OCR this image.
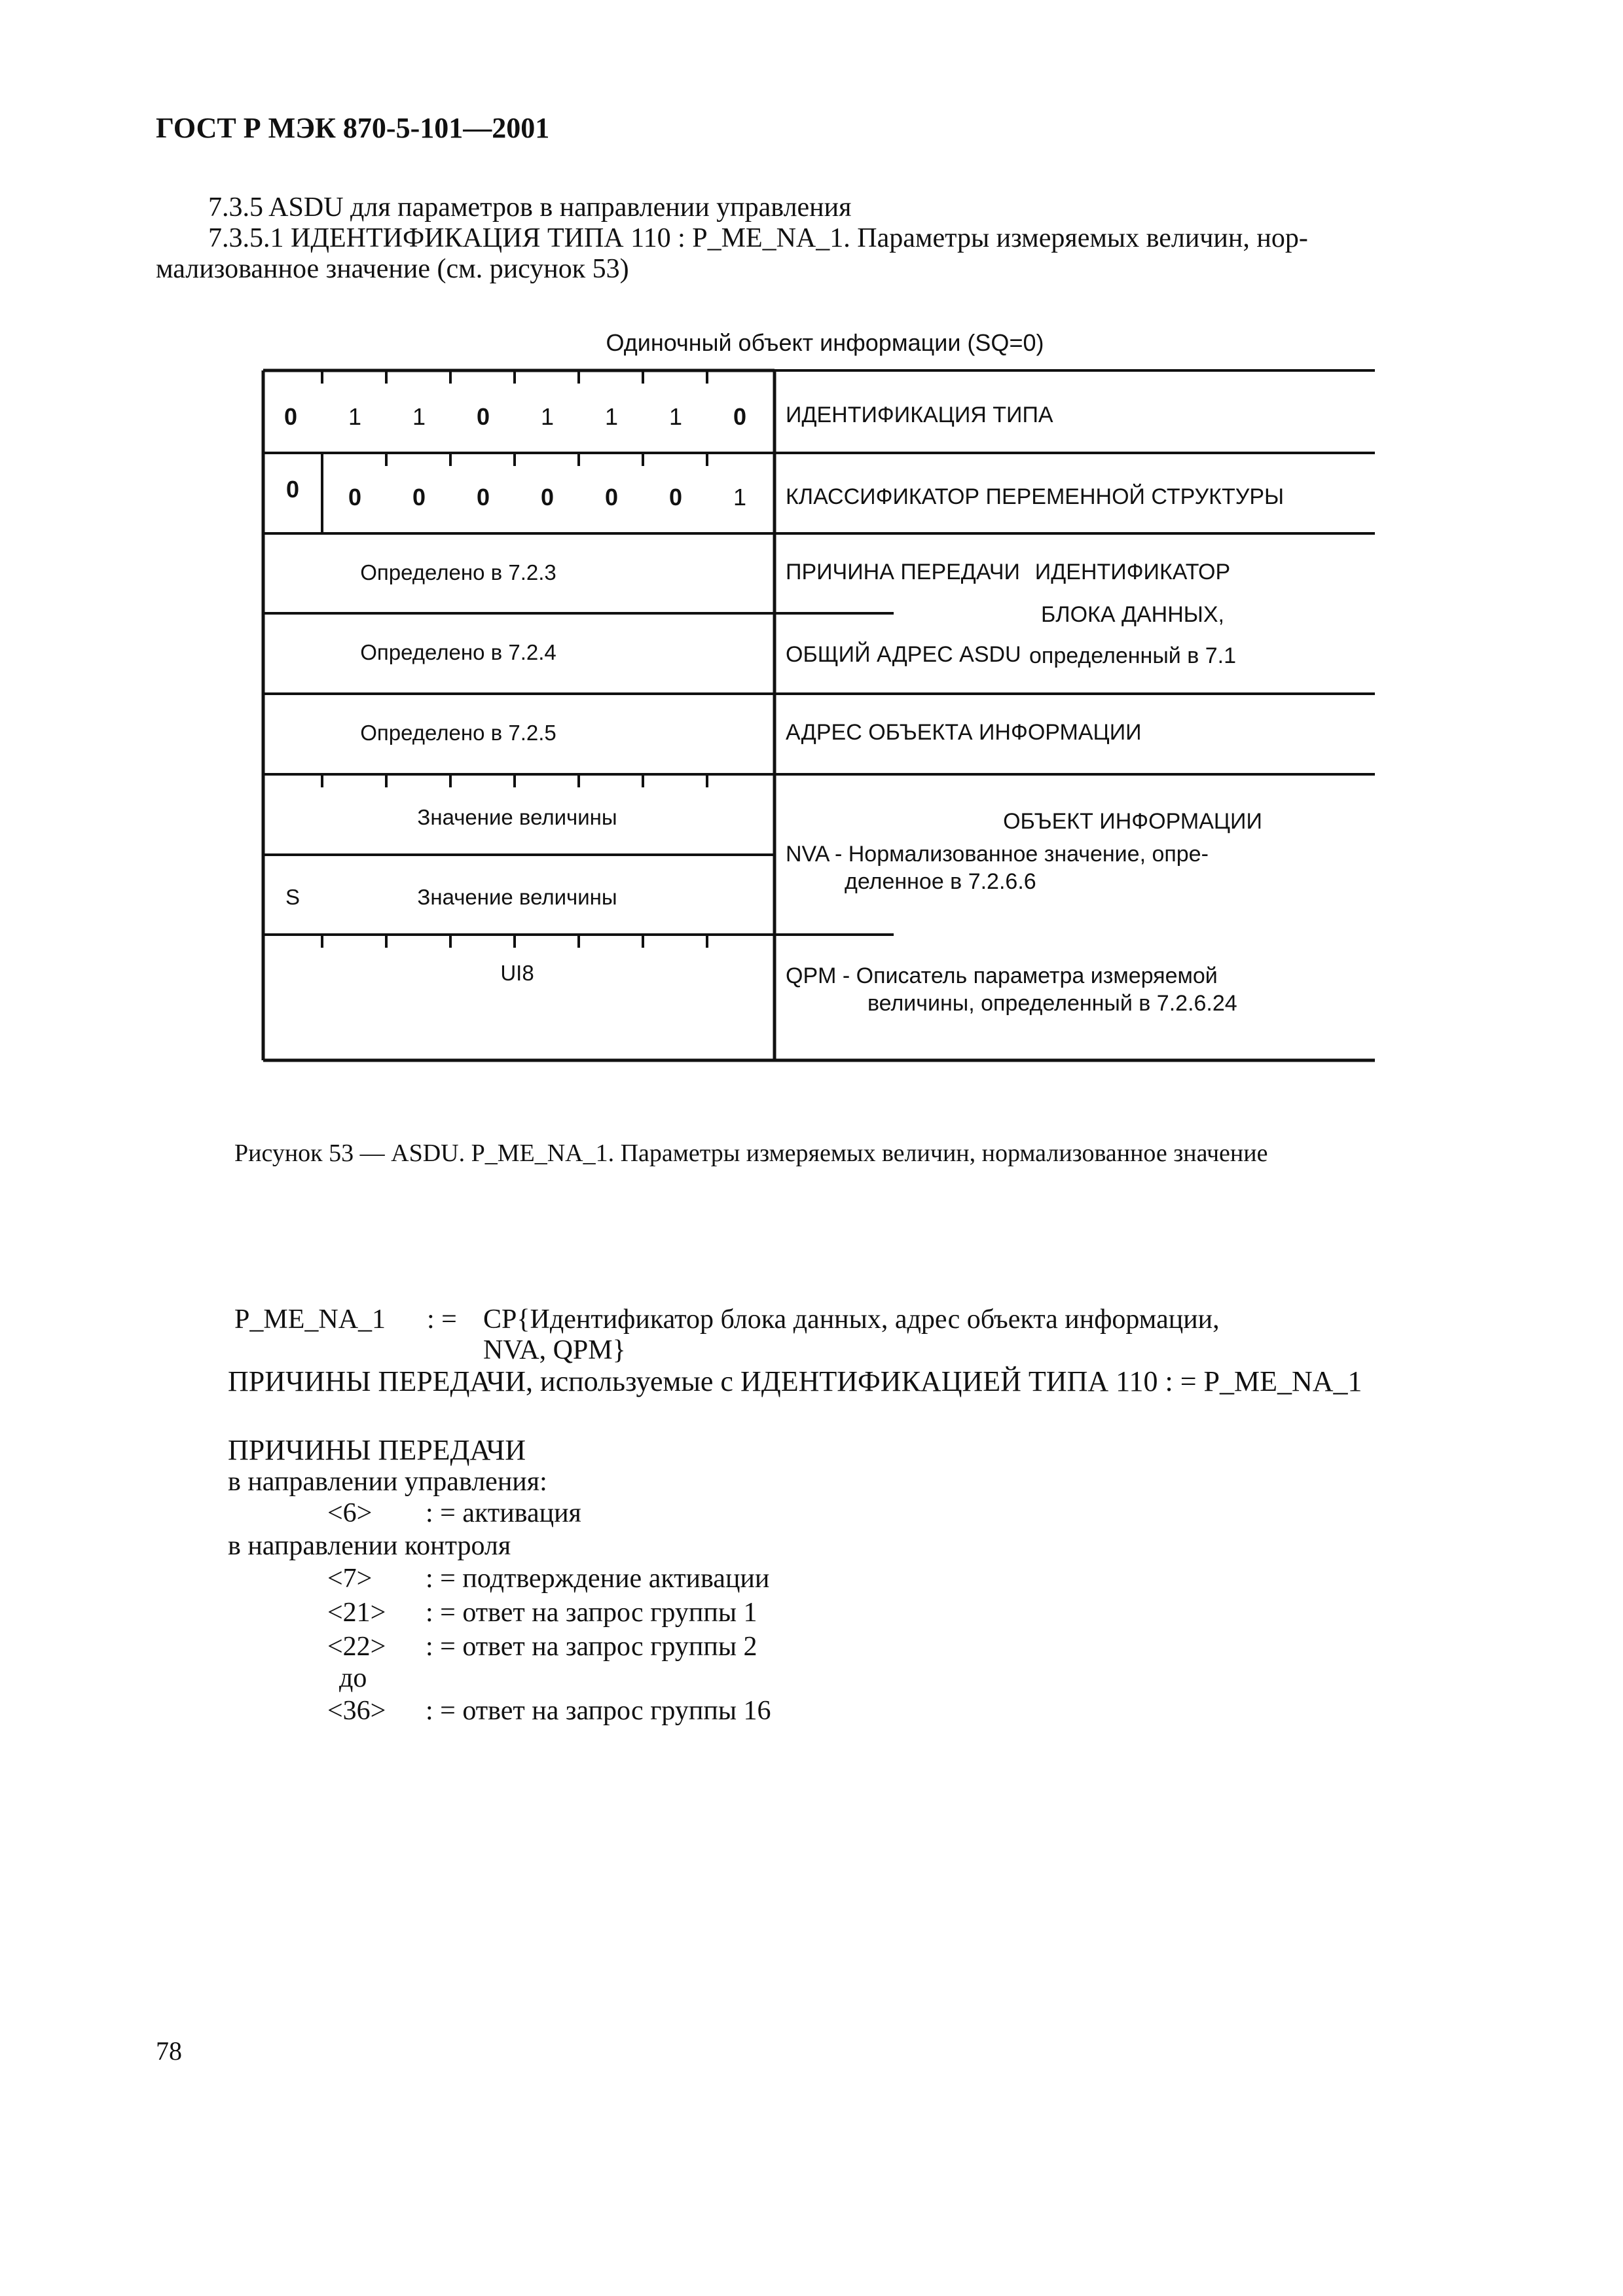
ГОСТ Р МЭК 870-5-101—2001
7.3.5 ASDU для параметров в направлении управления
7.3.5.1 ИДЕНТИФИКАЦИЯ ТИПА 110 : P_ME_NA_1. Параметры измеряемых величин, нор-
мализованное значение (см. рисунок 53)
Одиночный объект информации (SQ=0)
0 1 1 0 1 1 1 0
0 0 0 0 0 0 0 1
Определено в 7.2.3
Определено в 7.2.4
Определено в 7.2.5
Значение величины
S	Значение величины
UI8
ИДЕНТИФИКАЦИЯ ТИПА
КЛАССИФИКАТОР ПЕРЕМЕННОЙ СТРУКТУРЫ
ПРИЧИНА ПЕРЕДАЧИ
ОБЩИЙ АДРЕС ASDU
АДРЕС ОБЪЕКТА ИНФОРМАЦИИ
ИДЕНТИФИКАТОР
БЛОКА ДАННЫХ,
определенный в 7.1
ОБЪЕКТ ИНФОРМАЦИИ
NVA - Нормализованное значение, опре-
деленное в 7.2.6.6
QPM - Описатель параметра измеряемой
величины, определенный в 7.2.6.24
Рисунок 53 — ASDU. P_ME_NA_1. Параметры измеряемых величин, нормализованное значение
P_ME_NA_1 : = CP{Идентификатор блока данных, адрес объекта информации,
NVA, QPM}
ПРИЧИНЫ ПЕРЕДАЧИ, используемые с ИДЕНТИФИКАЦИЕЙ ТИПА 110 : = P_ME_NA_1
ПРИЧИНЫ ПЕРЕДАЧИ
в направлении управления:
<6> : = активация
в направлении контроля
<7> : = подтверждение активации
<21> : = ответ на запрос группы 1
<22> : = ответ на запрос группы 2
до
<36> : = ответ на запрос группы 16
78
